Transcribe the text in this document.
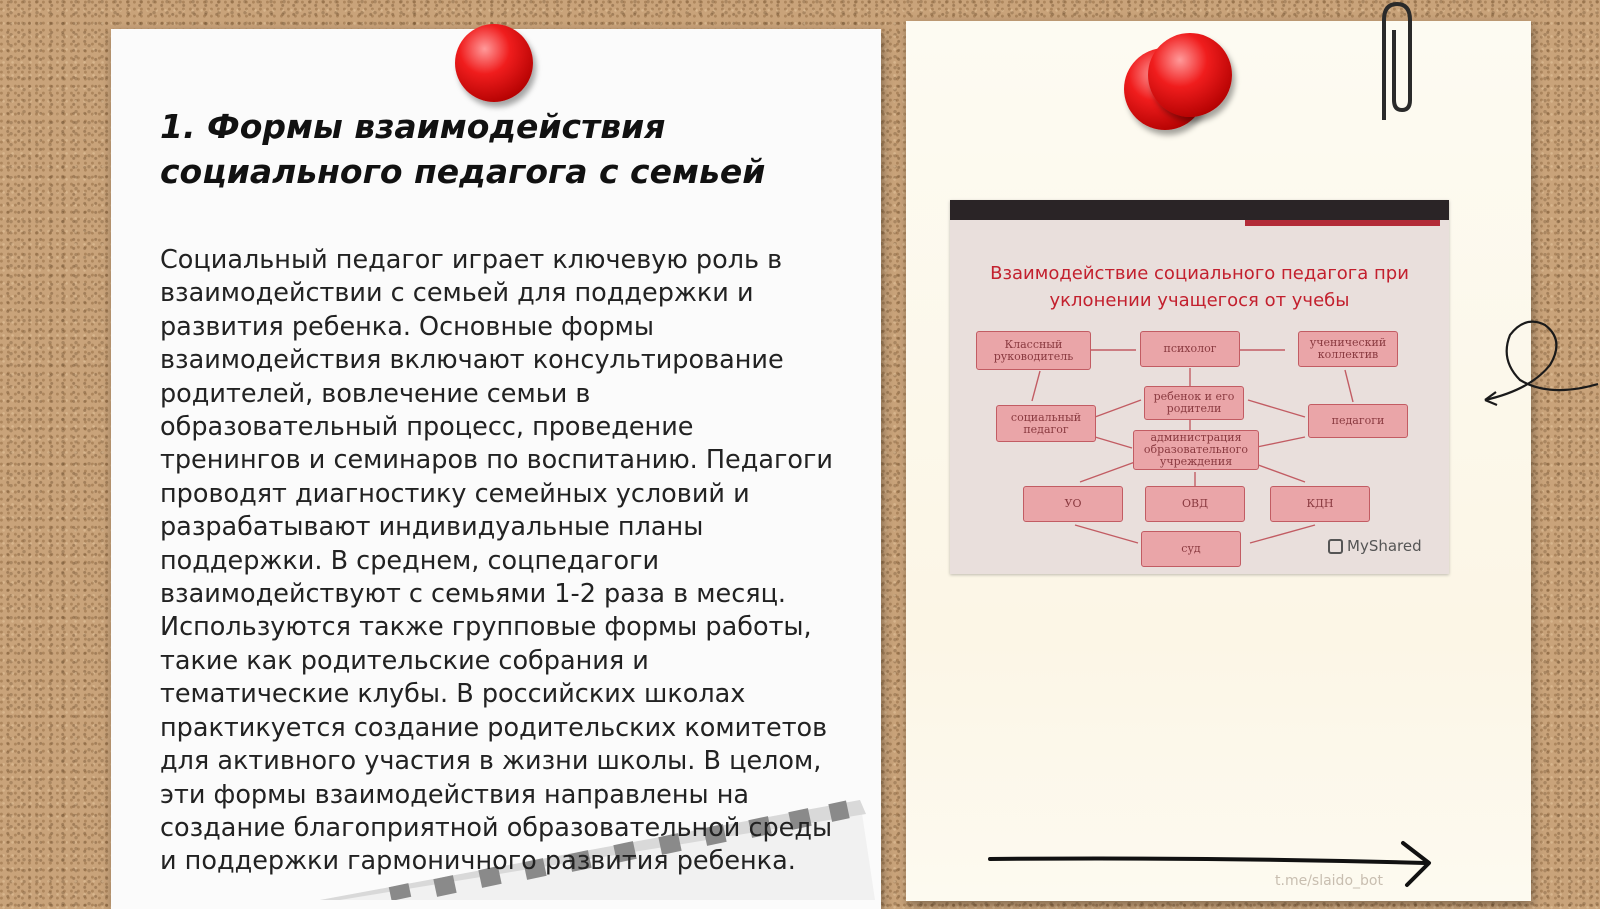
1. Формы взаимодействия социального педагога с семьей

Социальный педагог играет ключевую роль в взаимодействии с семьей для поддержки и развития ребенка. Основные формы взаимодействия включают консультирование родителей, вовлечение семьи в образовательный процесс, проведение тренингов и семинаров по воспитанию. Педагоги проводят диагностику семейных условий и разрабатывают индивидуальные планы поддержки. В среднем, соцпедагоги взаимодействуют с семьями 1-2 раза в месяц. Используются также групповые формы работы, такие как родительские собрания и тематические клубы. В российских школах практикуется создание родительских комитетов для активного участия в жизни школы. В целом, эти формы взаимодействия направлены на создание благоприятной образовательной среды и поддержки гармоничного развития ребенка.

Взаимодействие социального педагога при уклонении учащегося от учебы

Классный руководитель
психолог	ученический коллектив
ребенок и его родители
социальный педагог
педагоги
администрация образовательного учреждения
УО	ОВД	КДН
суд	MyShared
t.me/slaido_bot
